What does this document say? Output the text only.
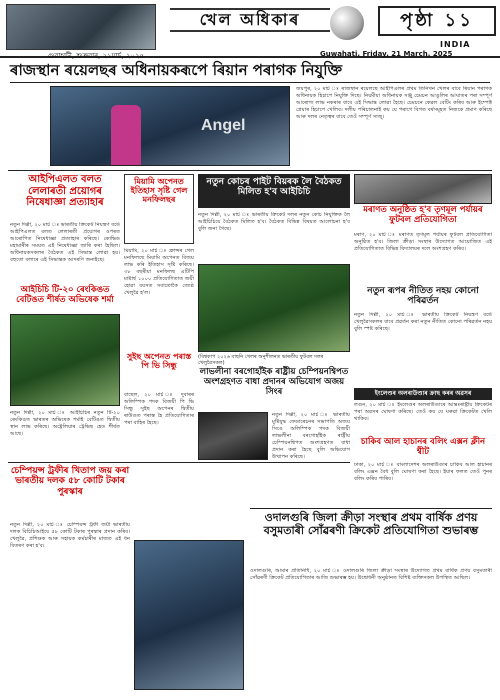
খেল অধিকাৰ	পৃষ্ঠা ১১
INDIA
গুৱাহাটী, শুক্ৰবাৰ, ২১মাৰ্চ, ২০২৫	Guwahati, Friday, 21 March, 2025
ৰাজস্থান ৰয়েলছৰ অধিনায়কৰূপে ৰিয়ান পৰাগক নিযুক্তি
Angel
জয়পুৰ, ২০ মাৰ্চ ঃ ৰাজস্থান ৰয়েলছে আইপিএলৰ প্ৰথম তিনিখন খেলৰ বাবে ৰিয়ান পৰাগক অধিনায়ক হিচাপে নিযুক্তি দিছে। নিয়মীয়া অধিনায়ক সঞ্জু চেমচন আঙুলিৰ আঘাতৰ পৰা সম্পূৰ্ণ আৰোগ্য লাভ নকৰাৰ বাবে এই সিদ্ধান্ত লোৱা হৈছে। চেমচনে কেৱল বেটিং কৰিব আৰু ইম্পেক্ট প্লেয়াৰ হিচাপে খেলিব। দলীয় পৰিচালনাই কয় যে পৰাগে বিগত বৰ্ষসমূহত নিজকে প্ৰমাণ কৰিছে আৰু দলৰ নেতৃত্বৰ বাবে তেওঁ সম্পূৰ্ণ সাজু।
আইপিএলত বলত লেলাৰতী প্ৰয়োগৰ নিষেধাজ্ঞা প্ৰত্যাহাৰ
নতুন দিল্লী, ২০ মাৰ্চ ঃ ভাৰতীয় ক্ৰিকেট নিয়ন্ত্ৰণ বৰ্ডে আইপিএলত বলত লেলাৰতী প্ৰয়োগৰ ওপৰত আৰোপিত নিষেধাজ্ঞা প্ৰত্যাহাৰ কৰিছে। কোভিড মহামাৰীৰ সময়ত এই নিষেধাজ্ঞা জাৰি কৰা হৈছিল। অধিনায়কসকলৰ বৈঠকত এই সিদ্ধান্ত লোৱা হয়। বহুতো বলাৰে এই সিদ্ধান্তক আদৰণি জনাইছে।
আইচিচি টি-২০ ৰেংকিঙত বেটিঙত শীৰ্ষত অভিষেক শৰ্মা
নতুন দিল্লী, ২০ মাৰ্চ ঃ আইচিচিৰ নতুন টি-২০ ৰেংকিঙত ভাৰতৰ অভিষেক শৰ্মাই বেটিঙত দ্বিতীয় স্থান লাভ কৰিছে। অষ্ট্ৰেলিয়াৰ ট্ৰেভিছ হেড শীৰ্ষত আছে।
মিয়ামি অপেনত ইতিহাস সৃষ্টি গেল মনফিলছৰ
মিয়ামি, ২০ মাৰ্চ ঃ ফ্ৰান্সৰ গেল মনফিলছে মিয়ামি অপেনত বিজয় লাভ কৰি ইতিহাস সৃষ্টি কৰিছে। ৩৮ বছৰীয়া মনফিলছ এটিপি মাষ্টাৰ্ছ ১০০০ প্ৰতিযোগিতাত জয়ী হোৱা বয়সত সবাতোকৈ জ্যেষ্ঠ খেলুৱৈ হ'ল।
সুইছ অপেনত পৰাস্ত পি ভি সিন্ধু
বাছেল, ২০ মাৰ্চ ঃ দুবাৰৰ অলিম্পিক পদক বিজয়ী পি ভি সিন্ধু সুইছ অপেনৰ দ্বিতীয় ৰাউণ্ডত পৰাস্ত হৈ প্ৰতিযোগিতাৰ পৰা বাহিৰ হৈছে।
নতুন কোচৰ পাইট বিয়ৰক লৈ বৈঠকত মিলিত হ'ব আইচিচি
নতুন দিল্লী, ২০ মাৰ্চ ঃ ভাৰতীয় ক্ৰিকেট দলৰ নতুন কোচ নিযুক্তিক লৈ আইচিচিয়ে বৈঠকত মিলিত হ'ব। বৈঠকত বিভিন্ন বিষয়ত আলোচনা হ'ব বুলি জনা গৈছে।
(বিশ্বকাপ ২০২৬ বাছনি খেলৰ অনুশীলনত ভাৰতীয় ফুটবল দলৰ খেলুৱৈসকল)
লাভলীনা বৰগোহাঁইক ৰাষ্ট্ৰীয় চেম্পিয়নশ্বিপত অংশগ্ৰহণত বাধা প্ৰদানৰ অভিযোগ অজয় সিংৰ
নতুন দিল্লী, ২০ মাৰ্চ ঃ ভাৰতীয় মুষ্টিযুদ্ধ ফেডাৰেচনৰ সভাপতি অজয় সিঙে অলিম্পিক পদক বিজয়ী লাভলীনা বৰগোহাঁইক ৰাষ্ট্ৰীয় চেম্পিয়নশ্বিপত অংশগ্ৰহণত বাধা প্ৰদান কৰা হৈছে বুলি অভিযোগ উত্থাপন কৰিছে।
মৰাণত অনুষ্ঠিত হ'ব তৃণমূল পৰ্যায়ৰ ফুটবল প্ৰতিযোগিতা
মৰাণ, ২০ মাৰ্চ ঃ মৰাণত তৃণমূল পৰ্যায়ৰ ফুটবল প্ৰতিযোগিতা অনুষ্ঠিত হ'ব। জিলা ক্ৰীড়া সংস্থাৰ উদ্যোগত আয়োজিত এই প্ৰতিযোগিতাত বিভিন্ন বিদ্যালয়ৰ দলে অংশগ্ৰহণ কৰিব।
নতুন ৰূপৰ নীতিত নহয় কোনো পৰিৱৰ্তন
নতুন দিল্লী, ২০ মাৰ্চ ঃ ভাৰতীয় ক্ৰিকেট নিয়ন্ত্ৰণ বৰ্ডে খেলুৱৈসকলৰ বাবে প্ৰৱৰ্তন কৰা নতুন নীতিত কোনো পৰিৱৰ্তন নহয় বুলি স্পষ্ট কৰিছে।
ইংলেণ্ডৰ অলৰাউণ্ডাৰ ক্ৰাছ কৰৰ অৱসৰ
লণ্ডন, ২০ মাৰ্চ ঃ ইংলেণ্ডৰ অলৰাউণ্ডাৰে আন্তঃৰাষ্ট্ৰীয় ক্ৰিকেটৰ পৰা অৱসৰ ঘোষণা কৰিছে। তেওঁ কয় যে ঘৰুৱা ক্ৰিকেটত খেলি থাকিব।
চাকিব আল হাচানৰ বলিং এক্সন ক্লীন শ্বীট
ঢাকা, ২০ মাৰ্চ ঃ বাংলাদেশৰ অলৰাউণ্ডাৰ চাকিব আল হাচানৰ বলিং এক্সন বৈধ বুলি ঘোষণা কৰা হৈছে। ইয়াৰ ফলত তেওঁ পুনৰ বলিং কৰিব পাৰিব।
চেম্পিয়ন্স ট্ৰফীৰ খিতাপ জয় কৰা ভাৰতীয় দলক ৫৮ কোটি টকাৰ পুৰস্কাৰ
নতুন দিল্লী, ২০ মাৰ্চ ঃ চেম্পিয়ন্স ট্ৰফী জয়ী ভাৰতীয় দলক বিচিচিআইয়ে ৫৮ কোটি টকাৰ পুৰস্কাৰ প্ৰদান কৰিব। খেলুৱৈ, প্ৰশিক্ষক আৰু সহায়ক কৰ্মচাৰীৰ মাজত এই ধন বিতৰণ কৰা হ'ব।
ওদালগুৰি জিলা ক্ৰীড়া সংস্থাৰ প্ৰথম বাৰ্ষিক প্ৰণয় বসুমতাৰী সোঁৱৰণী ক্ৰিকেট প্ৰতিযোগিতা শুভাৰম্ভ
ওদালগুৰি, আমাৰ প্ৰতিনিধি, ২০ মাৰ্চ ঃ ওদালগুৰি জিলা ক্ৰীড়া সংস্থাৰ উদ্যোগত প্ৰথম বাৰ্ষিক প্ৰণয় বসুমতাৰী সোঁৱৰণী ক্ৰিকেট প্ৰতিযোগিতাৰ আজি শুভাৰম্ভ হয়। উদ্বোধনী অনুষ্ঠানত বিশিষ্ট ব্যক্তিসকল উপস্থিত আছিল।
